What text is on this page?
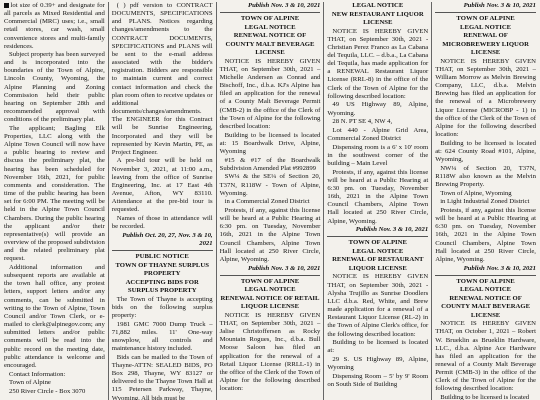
lot size of 0.39+ and designate for all parcels as Mixed Residential and Commercial (MRC) uses; i.e., small retail stores, car wash, small convenience stores and multi-family residences.

Subject property has been surveyed and is incorporated into the boundaries of the Town of Alpine, Lincoln County, Wyoming, the Alpine Planning and Zoning Commission held their public hearing on September 28th and recommended approval with conditions of the preliminary plat.

The applicant; Bagling Elk Properties, LLC along with the Alpine Town Council will now have a public hearing to review and discuss the preliminary plat, the hearing has been scheduled for November 16th, 2021, for public comments and consideration. The time of the public hearing has been set for 6:00 PM. The meeting will be held in the Alpine Town Council Chambers. During the public hearing the applicant and/or their representative(s) will provide an overview of the proposed subdivision and the related preliminary plat request.

Additional information and subsequent reports are available at the town hall office, any protest letters, support letters and/or any comments, can be submitted in writing to the Town of Alpine, Town Council and/or Town Clerk, or e-mailed to clerk@alpinegov.com; any submitted letters and/or public comments will be read into the public record on the meeting date, public attendance is welcome and encouraged.

Contact Information:

Town of Alpine

250 River Circle - Box 3070

( ) pdf version to CONTRACT DOCUMENTS, SPECIFICATIONS and PLANS. Notices regarding changes/amendments to the CONTRACT DOCUMENTS, SPECIFICATIONS and PLANS will be sent to the e-mail address associated with the bidder's registration. Bidders are responsible to maintain current and correct contact information and check the plan room often to receive updates or additional documents/changes/amendments. The ENGINEER for this Contract will be Sunrise Engineering, Incorporated and they will be represented by Kevin Martin, PE, as Project Engineer.

A pre-bid tour will be held on November 3, 2021, at 11:00 a.m., leaving from the office of Sunrise Engineering, Inc. at 17 East 4th Avenue, Afton, WY 83110. Attendance at the pre-bid tour is requested.

Names of those in attendance will be recorded.

Publish Oct. 20, 27, Nov. 3 & 10, 2021

PUBLIC NOTICE

TOWN OF THAYNE SURPLUS

PROPERTY

ACCEPTING BIDS FOR

SURPLUS PROPERTY

The Town of Thayne is accepting bids on the following surplus property:

1981 GMC 7000 Dump Truck – 71,882 miles. 11' One-way snowplow, all controls and maintenance history included.

Bids can be mailed to the Town of Thayne-ATTN: SEALED BIDS, PO Box 298, Thayne, WY 83127 or delivered to the Thayne Town Hall at 115 Petersen Parkway, Thayne, Wyoming. All bids must be

Publish Nov. 3 & 10, 2021

TOWN OF ALPINE

LEGAL NOTICE

RENEWAL NOTICE OF

COUNTY MALT BEVERAGE

LICENSE

NOTICE IS HEREBY GIVEN THAT, on September 30th, 2021 – Michelle Andersen as Conrad and Bischoff, Inc., d.b.a. KJ's Alpine has filed an application for the renewal of a County Malt Beverage Permit (CMB-2) in the office of the Clerk of the Town of Alpine for the following described location:

Building to be licensed is located at: 15 Boardwalk Drive, Alpine, Wyoming

#15 & #17 of the Boardwalk Subdivision Amended Plat #992899

SW¼ & the SE¼ of Section 20, T37N, R118W - Town of Alpine, Wyoming.

in a Commercial Zoned District

Protests, if any, against this license will be heard at a Public Hearing at 6:30 pm. on Tuesday, November 16th, 2021 in the Alpine Town Council Chambers, Alpine Town Hall located at 250 River Circle, Alpine, Wyoming.

Publish Nov. 3 & 10, 2021

TOWN OF ALPINE

LEGAL NOTICE

RENEWAL NOTICE OF RETAIL

LIQUOR LICENSE

NOTICE IS HEREBY GIVEN THAT, on September 30th, 2021 – Jalise Christoffersen as Rocky Mountain Rogues, Inc., d.b.a. Bull Moose Saloon has filed an application for the renewal of a Retail Liquor License (RRLL-1) in the office of the Clerk of the Town of Alpine for the following described location:

LEGAL NOTICE

NEW RESTAURANT LIQUOR

LICENSE

NOTICE IS HEREBY GIVEN THAT, on September 30th, 2021 - Christian Perez Franco as La Cabana del Tequila, LLC. – d.b.a., La Cabana del Tequila, has made application for a RENEWAL Restaurant Liquor License (RRL-8) in the office of the Clerk of the Town of Alpine for the following described location:

49 US Highway 89, Alpine, Wyoming.

28 N. PT SE 4, NW 4,

Lot 440 - Alpine Grid Area, Commercial Zoned District

Dispensing room is a 6' x 10' room in the southwest corner of the building – Main Level

Protests, if any, against this license will be heard at a Public Hearing at 6:30 pm. on Tuesday, November 16th, 2021 in the Alpine Town Council Chambers, Alpine Town Hall located at 250 River Circle, Alpine, Wyoming.

Publish Nov. 3 & 10, 2021

TOWN OF ALPINE

LEGAL NOTICE

RENEWAL OF RESTAURANT

LIQUOR LICENSE

NOTICE IS HEREBY GIVEN THAT, on September 30th, 2021 - Alysha Trujillo as Sunrise Doodlers LLC d.b.a. Red, White, and Brew made application for a renewal of a Restaurant Liquor License (RL-2) in the Town of Alpine Clerk's office, for the following described location:

Building to be licensed is located at:

29 S. US Highway 89, Alpine, Wyoming

Dispensing Room – 5' by 9' Room on South Side of Building

Publish Nov. 3 & 10, 2021

TOWN OF ALPINE

LEGAL NOTICE

RENEWAL OF

MICROBREWERY LIQUOR

LICENSE

NOTICE IS HEREBY GIVEN THAT, on September 30th, 2021 – William Morrow as Melvin Brewing Company, LLC, d.b.a. Melvin Brewing has filed an application for the renewal of a Microbrewery Liquor License (MICROBP - 1) in the office of the Clerk of the Town of Alpine for the following described location:

Building to be licensed is located at: 624 County Road #101, Alpine, Wyoming,

NW¼ of Section 20, T37N, R118W also known as the Melvin Brewing Property.

Town of Alpine, Wyoming

in Light Industrial Zoned District

Protests, if any, against this license will be heard at a Public Hearing at 6:30 pm. on Tuesday, November 16th, 2021 in the Alpine Town Council Chambers, Alpine Town Hall located at 250 River Circle, Alpine, Wyoming.

Publish Nov. 3 & 10, 2021

TOWN OF ALPINE

LEGAL NOTICE

RENEWAL NOTICE OF

COUNTY MALT BEVERAGE

LICENSE

NOTICE IS HEREBY GIVEN THAT, on October 1, 2021 – Robert W. Brueklin as Brueklin Hardware, LLC., d.b.a. Alpine Ace Hardware has filed an application for the renewal of a County Malt Beverage Permit (CMB-3) in the office of the Clerk of the Town of Alpine for the following described location:

Building to be licensed is located
